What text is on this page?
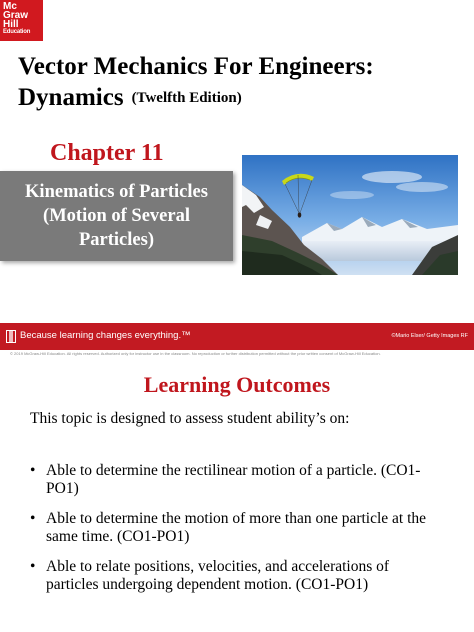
Mc
Graw
Hill
Education
Vector Mechanics For Engineers:
Dynamics (Twelfth Edition)
Chapter 11
Kinematics of Particles
(Motion of Several
Particles)
Because learning changes everything.™	©Mario Elser/ Getty Images RF
© 2019 McGraw-Hill Education. All rights reserved. Authorized only for instructor use in the classroom. No reproduction or further distribution permitted without the prior written consent of McGraw-Hill Education.
Learning Outcomes
This topic is designed to assess student ability’s on:
• Able to determine the rectilinear motion of a particle. (CO1-PO1)
• Able to determine the motion of more than one particle at the same time. (CO1-PO1)
• Able to relate positions, velocities, and accelerations of particles undergoing dependent motion. (CO1-PO1)
